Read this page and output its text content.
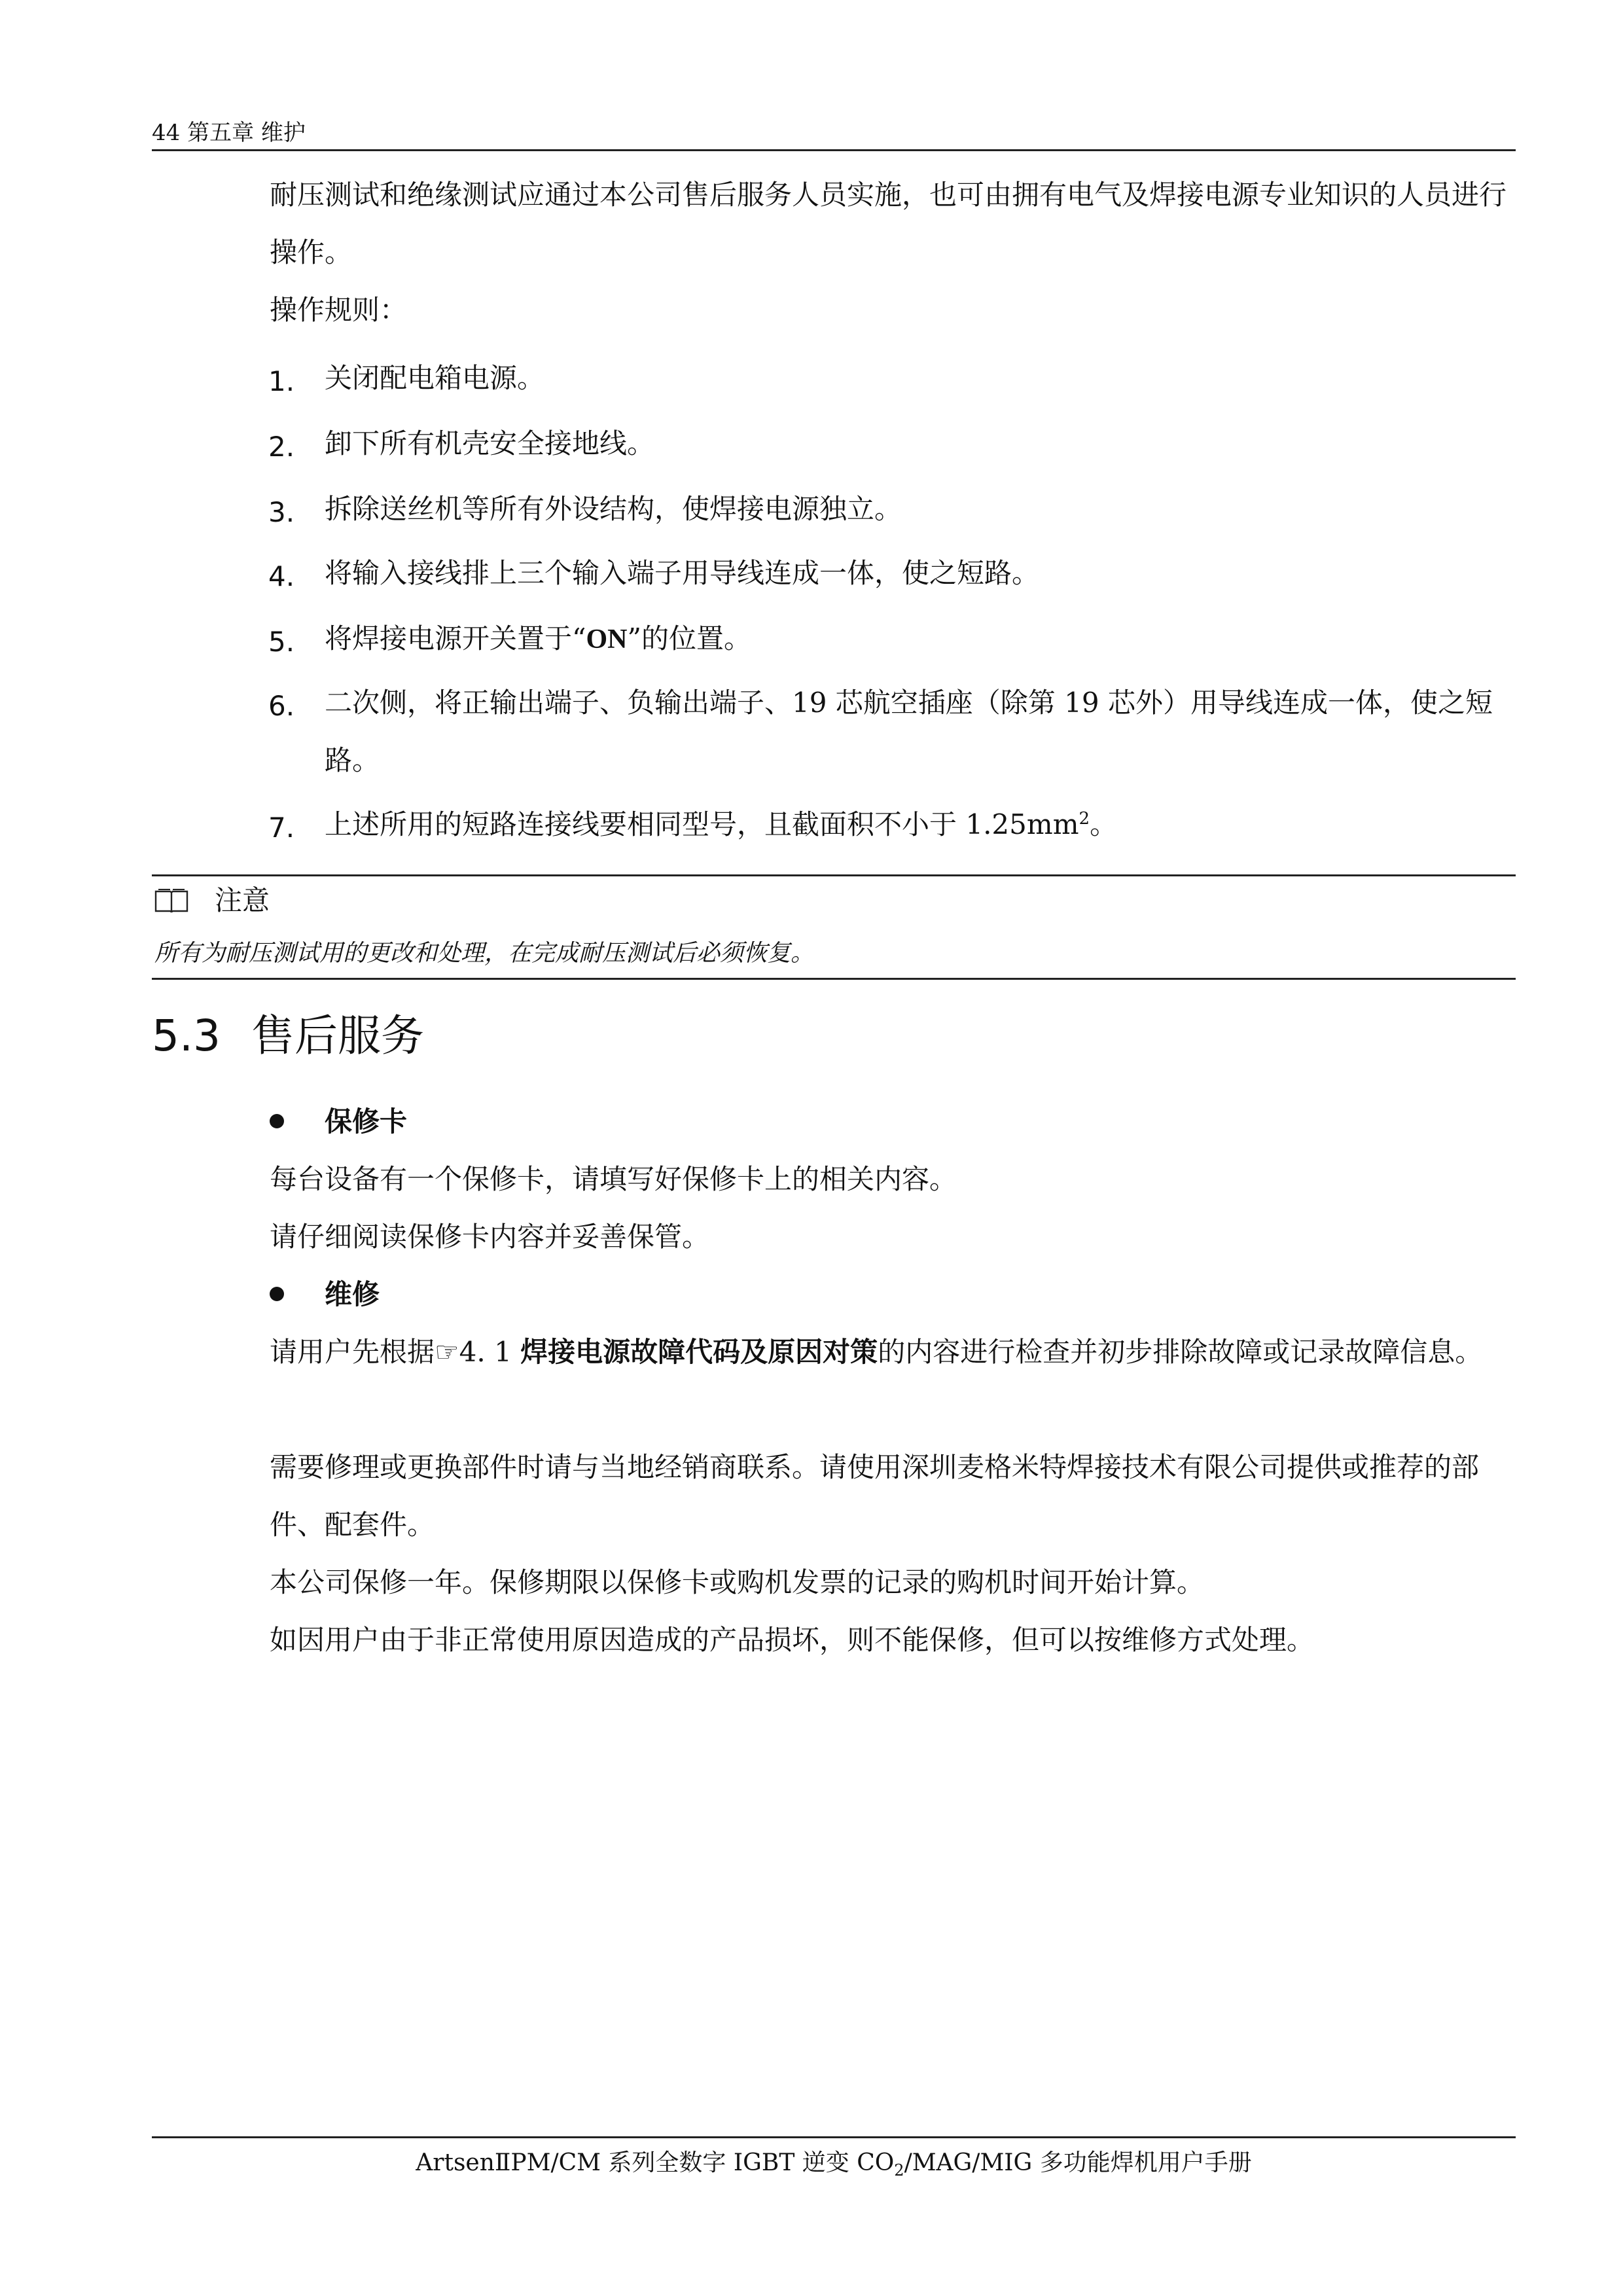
44 第五章 维护

耐压测试和绝缘测试应通过本公司售后服务人员实施，也可由拥有电气及焊接电源专业知识的人员进行操作。

操作规则：

1. 关闭配电箱电源。

2. 卸下所有机壳安全接地线。

3. 拆除送丝机等所有外设结构，使焊接电源独立。

4. 将输入接线排上三个输入端子用导线连成一体，使之短路。

5. 将焊接电源开关置于“ON”的位置。

6. 二次侧，将正输出端子、负输出端子、19 芯航空插座（除第 19 芯外）用导线连成一体，使之短路。

7. 上述所用的短路连接线要相同型号，且截面积不小于 $1.25mm^2$。

注意
所有为耐压测试用的更改和处理，在完成耐压测试后必须恢复。
5.3 售后服务
保修卡

每台设备有一个保修卡，请填写好保修卡上的相关内容。

请仔细阅读保修卡内容并妥善保管。

维修

请用户先根据☞4. 1 焊接电源故障代码及原因对策的内容进行检查并初步排除故障或记录故障信息。

需要修理或更换部件时请与当地经销商联系。请使用深圳麦格米特焊接技术有限公司提供或推荐的部件、配套件。

本公司保修一年。保修期限以保修卡或购机发票的记录的购机时间开始计算。

如因用户由于非正常使用原因造成的产品损坏，则不能保修，但可以按维修方式处理。

ArtsenⅡPM/CM 系列全数字 IGBT 逆变 $CO_2/MAG$/MIG 多功能焊机用户手册
